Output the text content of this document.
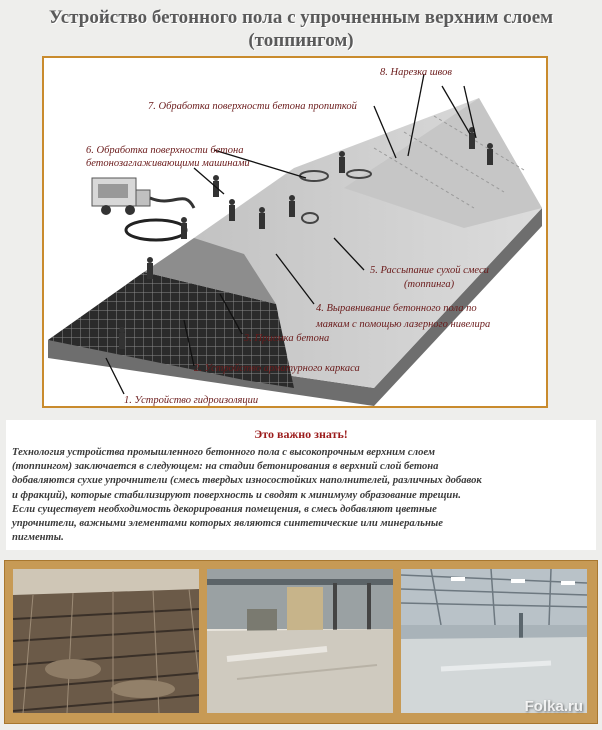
Устройство бетонного пола с упрочненным верхним слоем
(топпингом)
8. Нарезка швов
7. Обработка поверхности бетона пропиткой
6. Обработка поверхности бетона
бетонозаглаживающими машинами
5. Рассыпание сухой смеси
(топпинга)
4. Выравнивание бетонного пола по
маякам с помощью лазерного нивелира
3. Приемка бетона
2. Устройство арматурного каркаса
1. Устройство гидроизоляции
Это важно знать!
Технология устройства промышленного бетонного пола с высокопрочным верхним слоем
(топпингом) заключается в следующем: на стадии бетонирования в верхний слой бетона
добавляются сухие упрочнители (смесь твердых износостойких наполнителей, различных добавок
и фракций), которые стабилизируют поверхность и сводят к минимуму образование трещин.
Если существует необходимость декорирования помещения, в смесь добавляют цветные
упрочнители, важными элементами которых являются синтетические или минеральные
пигменты.
Folka.ru
